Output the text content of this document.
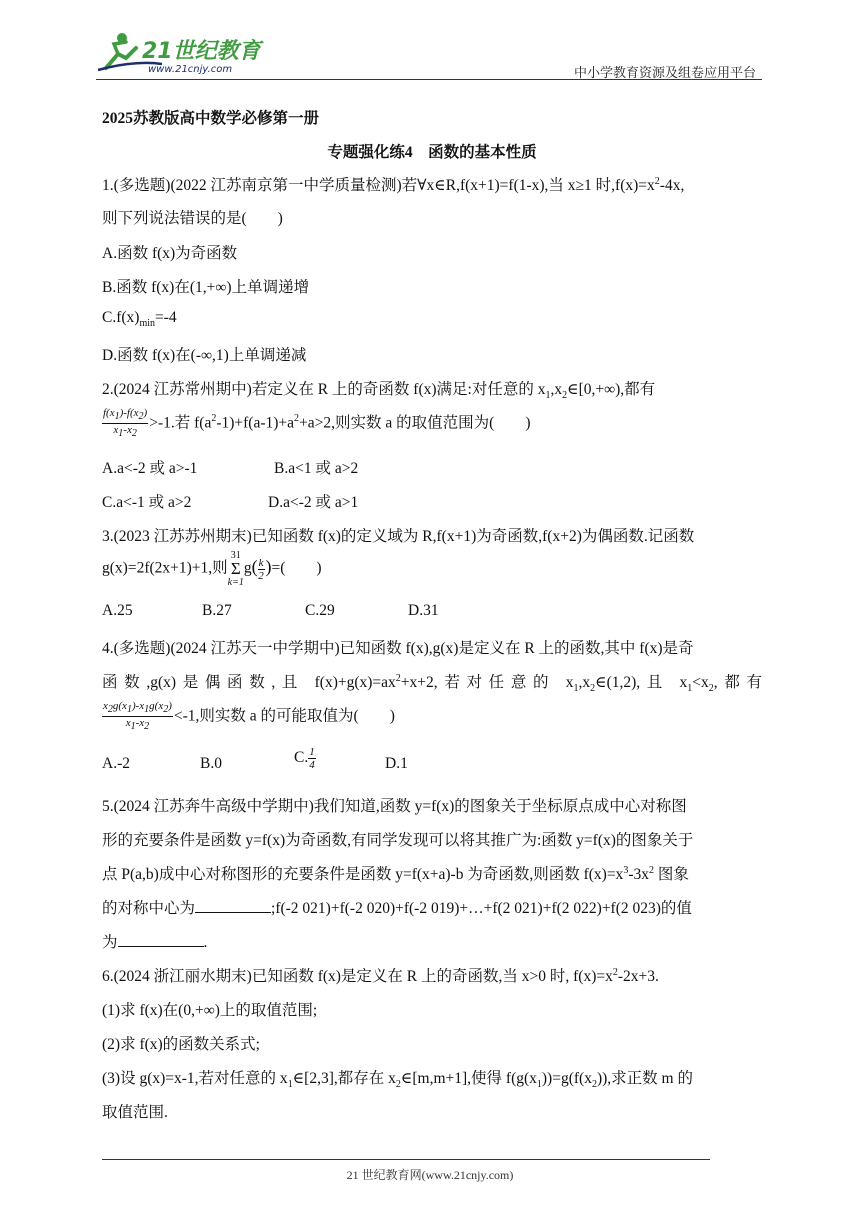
21世纪教育
www.21cnjy.com	中小学教育资源及组卷应用平台
2025苏教版高中数学必修第一册
专题强化练4　函数的基本性质
1.(多选题)(2022 江苏南京第一中学质量检测)若∀x∈R,f(x+1)=f(1-x),当 x≥1 时$,f(x)=x^2-4x$,
则下列说法错误的是(　　)
A.函数 f(x)为奇函数
B.函数 f(x)在(1,+∞)上单调递增
$C.f(x)_{min}=-4$
D.函数 f(x)在(-∞,1)上单调递减
2.(2024 江苏常州期中)若定义在 R 上的奇函数 f(x)满足:对任意的 $x_1,x_2\in[0,+\infty)$,都有
$\frac{f(x_1)-f(x_2)}{x_1-x_2} >-1$.若 $f(a^2-1)+f(a-1)+a^2+a>2$,则实数 a 的取值范围为(　　)
A.a<-2 或 a>-1	B.a<1 或 a>2
C.a<-1 或 a>2	D.a<-2 或 a>1
3.(2023 江苏苏州期末)已知函数 f(x)的定义域为 R,f(x+1)为奇函数,f(x+2)为偶函数.记函数
g(x)=2f(2x+1)+1,则31
Σ
$k=1g( \frac{k}{2}$ )=(　　)
A.25	B.27	C.29	D.31
4.(多选题)(2024 江苏天一中学期中)已知函数 f(x),g(x)是定义在 R 上的函数,其中 f(x)是奇
函数,g(x)是偶函数,且 $f(x)+g(x)=ax^2+x+2$,若对任意的 $x_1,x_2\in(1,2)$,且 $x_1<x_2$,都有
$\frac{x_2g(x_1)-x_1g(x_2)}{x_1-x_2} <-1$,则实数 a 的可能取值为(　　)
A.-2	B.0	C. $\frac{1}{4}$	D.1
5.(2024 江苏奔牛高级中学期中)我们知道,函数 y=f(x)的图象关于坐标原点成中心对称图
形的充要条件是函数 y=f(x)为奇函数,有同学发现可以将其推广为:函数 y=f(x)的图象关于
点 P(a,b)成中心对称图形的充要条件是函数 y=f(x+a)-b 为奇函数,则函数 $f(x)=x^3-3x^2$ 图象
的对称中心为	;f(-2 021)+f(-2 020)+f(-2 019)+…+f(2 021)+f(2 022)+f(2 023)的值
为	.
6.(2024 浙江丽水期末)已知函数 f(x)是定义在 R 上的奇函数,当 x>0 时, $f(x)=x^2-2x+3$.
(1)求 f(x)在(0,+∞)上的取值范围;
(2)求 f(x)的函数关系式;
(3)设 g(x)=x-1,若对任意的 $x_1\in[2,3]$,都存在 $x_2\in[m,m+1]$,使得 $f(g(x_1))=g(f(x_2))$,求正数 m 的
取值范围.
21 世纪教育网(www.21cnjy.com)
